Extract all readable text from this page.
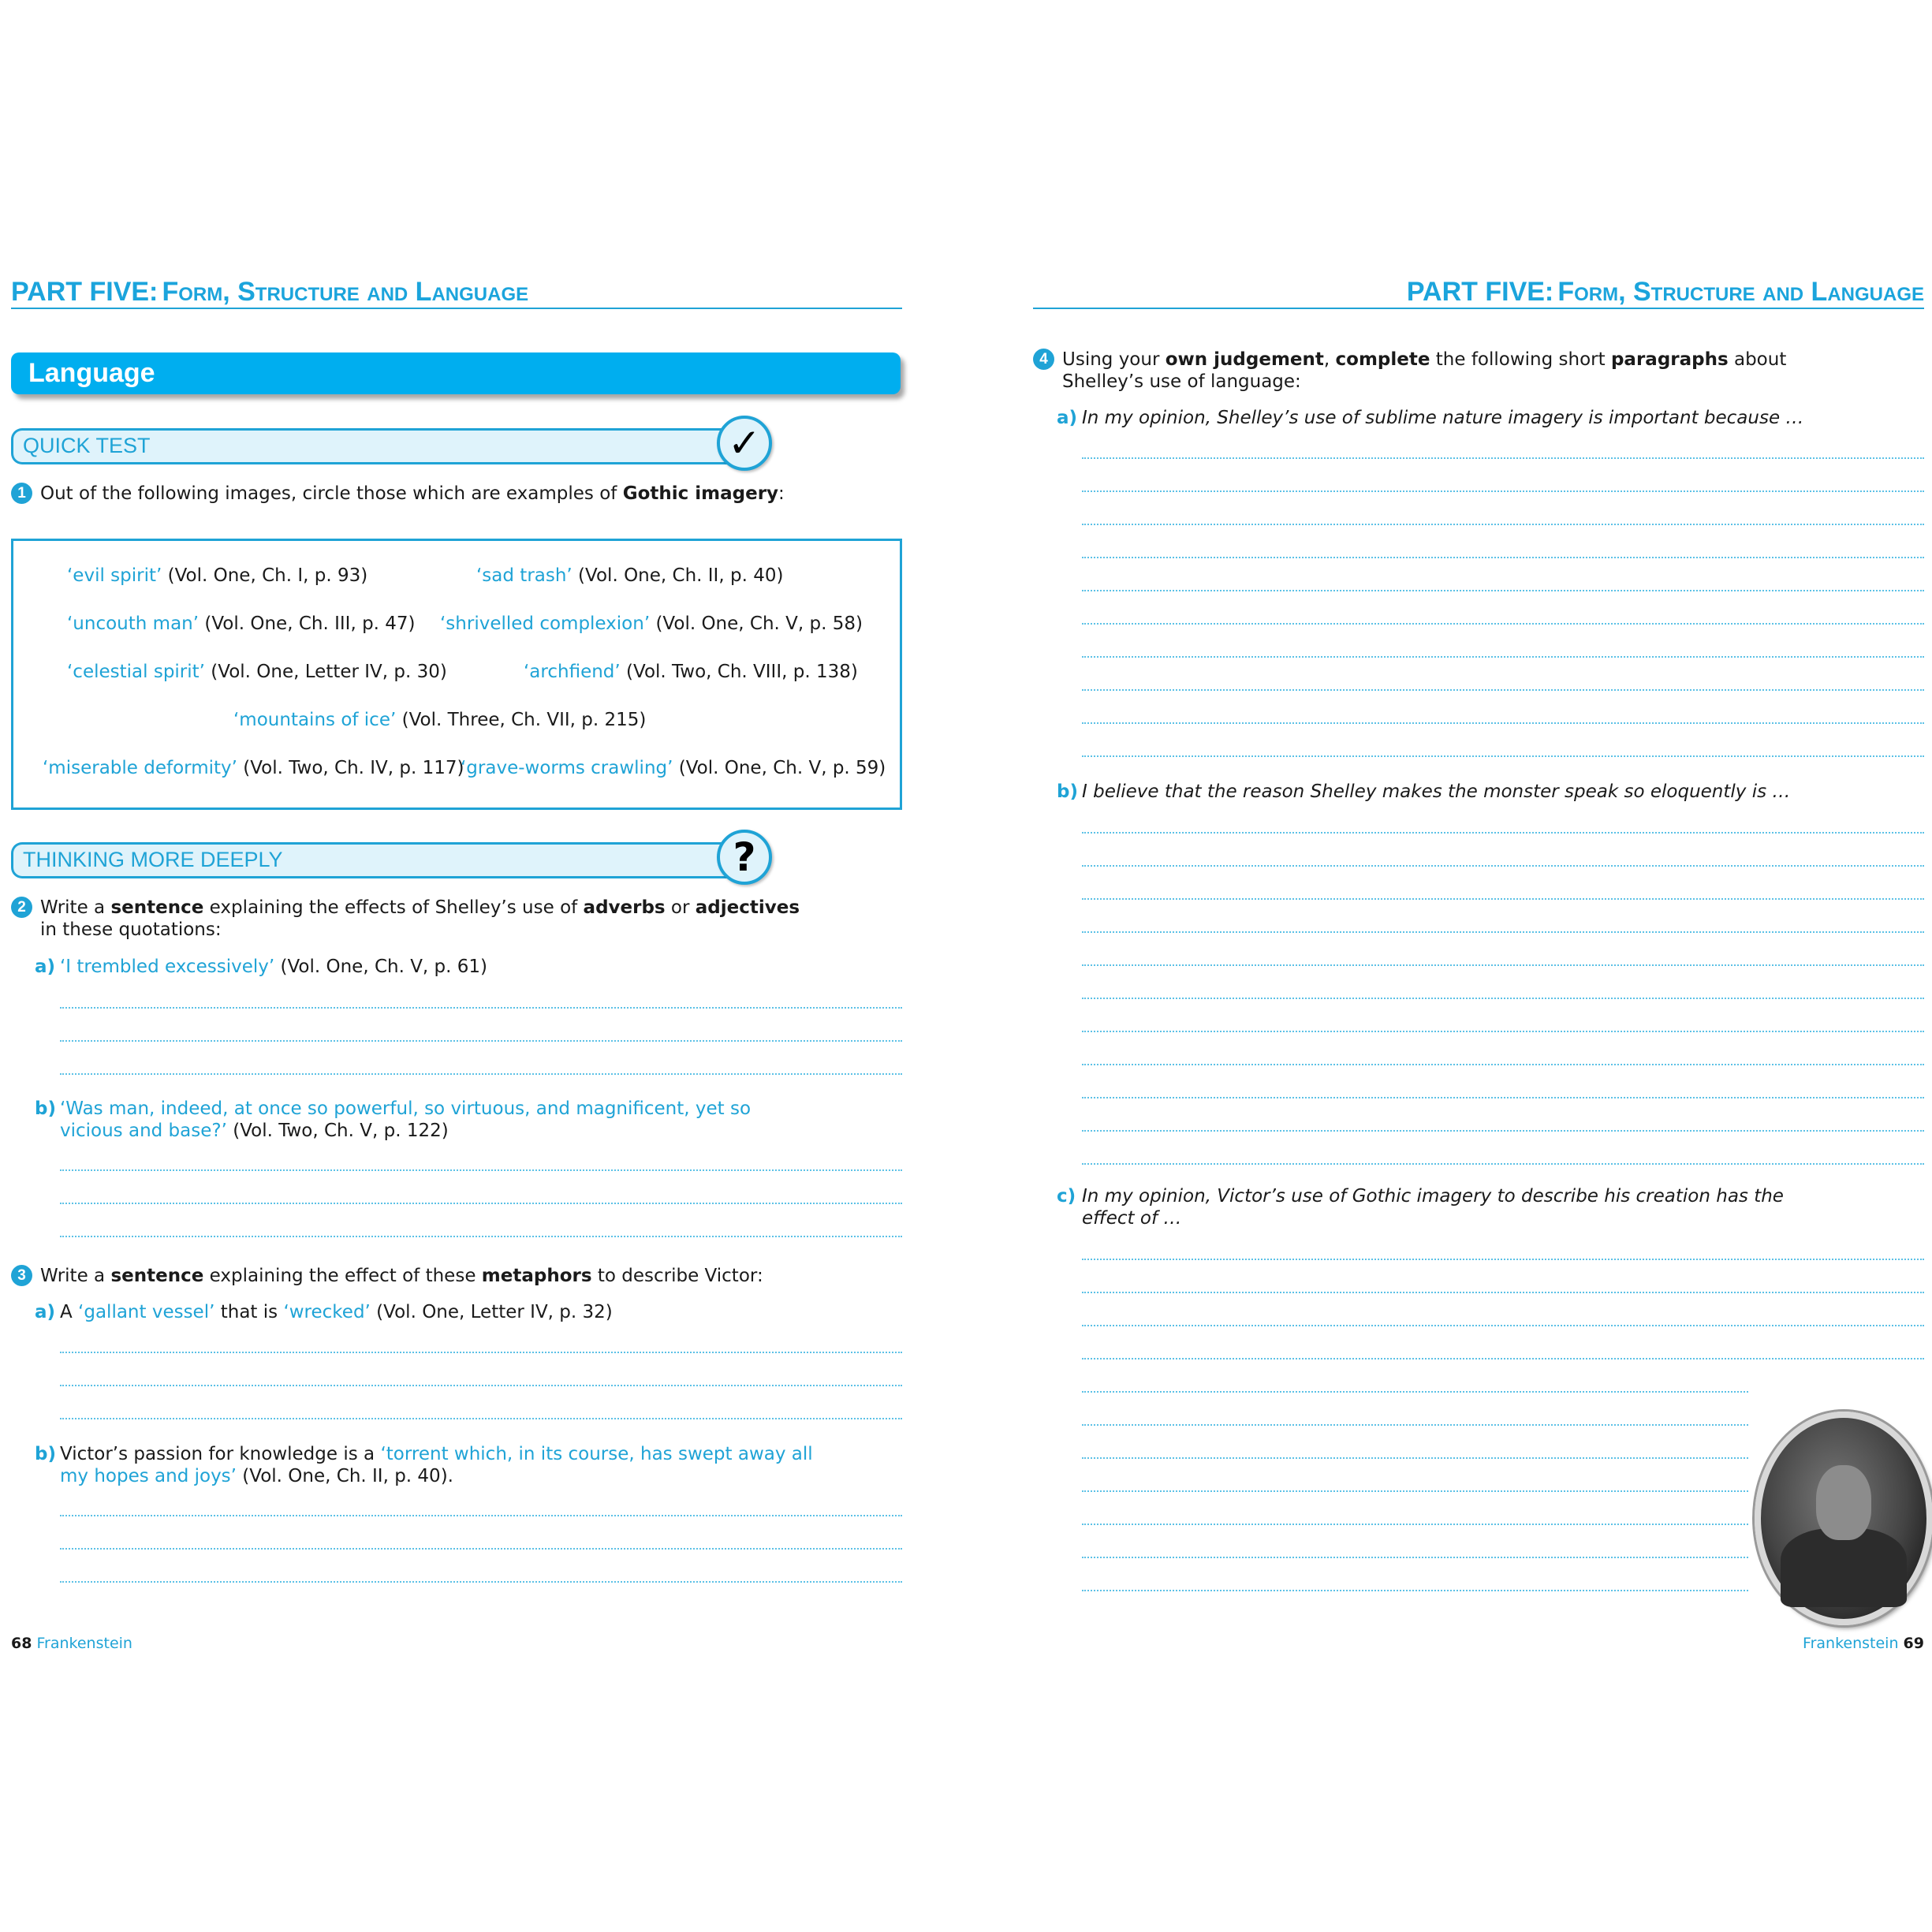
PART FIVE: Form, Structure and Language
Language
QUICK TEST	✓
1 Out of the following images, circle those which are examples of Gothic imagery:
‘evil spirit’ (Vol. One, Ch. I, p. 93)	‘sad trash’ (Vol. One, Ch. II, p. 40)
‘uncouth man’ (Vol. One, Ch. III, p. 47) ‘shrivelled complexion’ (Vol. One, Ch. V, p. 58)
‘celestial spirit’ (Vol. One, Letter IV, p. 30)	‘archfiend’ (Vol. Two, Ch. VIII, p. 138)
‘mountains of ice’ (Vol. Three, Ch. VII, p. 215)
‘miserable deformity’ (Vol. Two, Ch. IV, p. 117)
‘grave-worms crawling’ (Vol. One, Ch. V, p. 59)
THINKING MORE DEEPLY	?
2 Write a sentence explaining the effects of Shelley’s use of adverbs or adjectives
in these quotations:
a) ‘I trembled excessively’ (Vol. One, Ch. V, p. 61)
b) ‘Was man, indeed, at once so powerful, so virtuous, and magnificent, yet so
vicious and base?’ (Vol. Two, Ch. V, p. 122)
3 Write a sentence explaining the effect of these metaphors to describe Victor:
a) A ‘gallant vessel’ that is ‘wrecked’ (Vol. One, Letter IV, p. 32)
b) Victor’s passion for knowledge is a ‘torrent which, in its course, has swept away all
my hopes and joys’ (Vol. One, Ch. II, p. 40).
68 Frankenstein
PART FIVE: Form, Structure and Language
4 Using your own judgement, complete the following short paragraphs about
Shelley’s use of language:
a) In my opinion, Shelley’s use of sublime nature imagery is important because …
b) I believe that the reason Shelley makes the monster speak so eloquently is …
c) In my opinion, Victor’s use of Gothic imagery to describe his creation has the
effect of …
Frankenstein 69
